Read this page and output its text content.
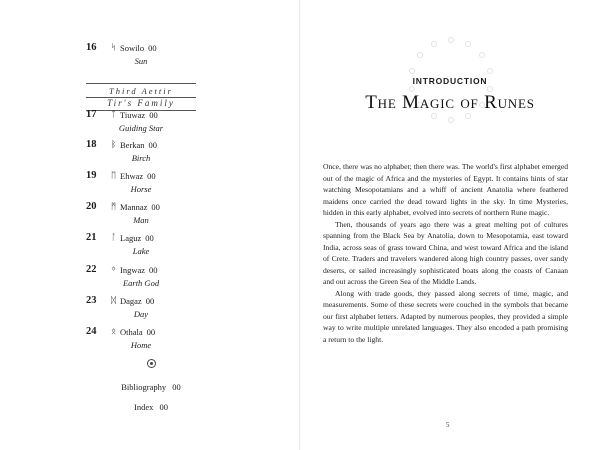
16 ᛋ Sowilo 00
Sun
Third Aettir
Tir's Family
17 ᛏ Tiuwaz 00
Guiding Star
18 ᛒ Berkan 00
Birch
19 ᛖ Ehwaz 00
Horse
20 ᛗ Mannaz 00
Man
21 ᛚ Laguz 00
Lake
22 ᛜ Ingwaz 00
Earth God
23 ᛞ Dagaz 00
Day
24 ᛟ Othala 00
Home
Bibliography 00
Index 00
INTRODUCTION
The Magic of Runes

Once, there was no alphabet; then there was. The world's first alphabet emerged out of the magic of Africa and the mysteries of Egypt. It contains hints of star watching Mesopotamians and a whiff of ancient Anatolia where feathered maidens once carried the dead toward lights in the sky. In time Mysteries, hidden in this early alphabet, evolved into secrets of northern Rune magic.

Then, thousands of years ago there was a great melting pot of cultures spanning from the Black Sea by Anatolia, down to Mesopotamia, east toward India, across seas of grass toward China, and west toward Africa and the island of Crete. Traders and travelers wandered along high country passes, over sandy deserts, or sailed increasingly sophisticated boats along the coasts of Canaan and out across the Green Sea of the Middle Lands.

Along with trade goods, they passed along secrets of time, magic, and measurements. Some of these secrets were couched in the symbols that became our first alphabet letters. Adapted by numerous peoples, they provided a simple way to write multiple unrelated languages. They also encoded a path promising a return to the light.

5
